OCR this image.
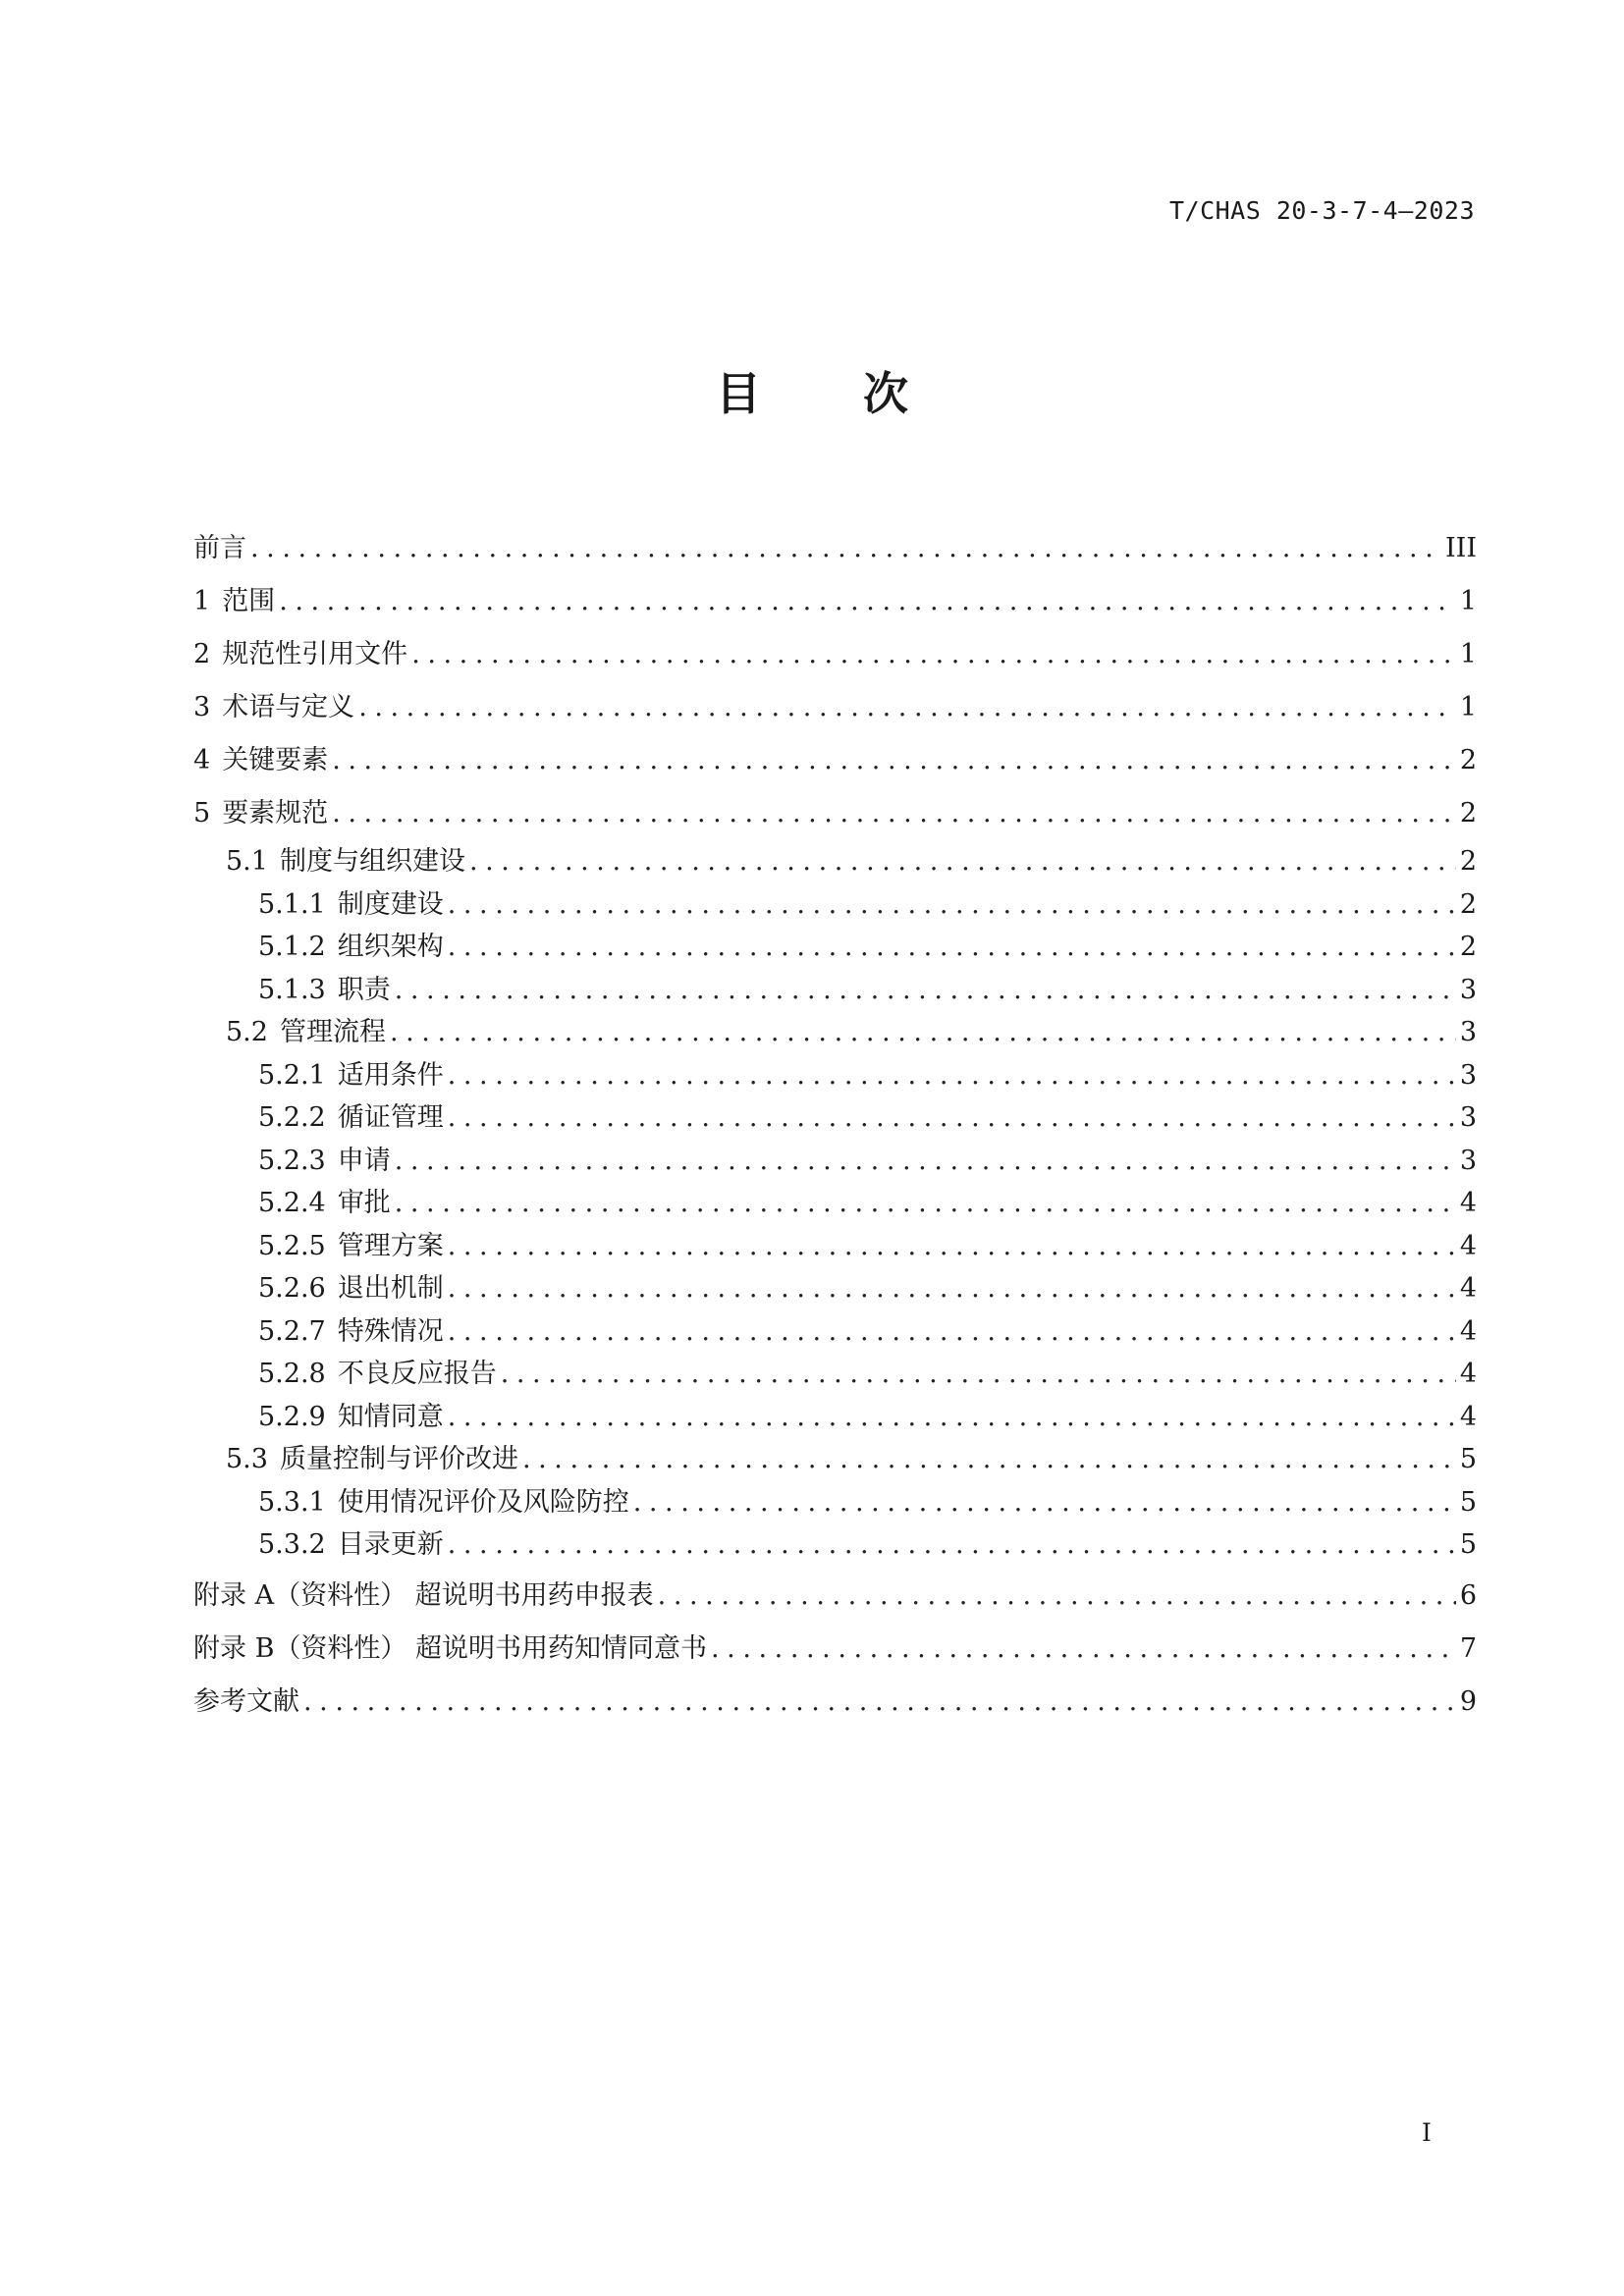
T/CHAS 20-3-7-4—2023
目 次
前言 . . .	III
1 范围 . . .	1
2 规范性引用文件 . . .	1
3 术语与定义 . . .	1
4 关键要素 . . .	2
5 要素规范 . . .	2
5.1 制度与组织建设 . . .	2
5.1.1 制度建设 . . .	2
5.1.2 组织架构 . . .	2
5.1.3 职责 . . .	3
5.2 管理流程 . . .	3
5.2.1 适用条件 . . .	3
5.2.2 循证管理 . . .	3
5.2.3 申请 . . .	3
5.2.4 审批 . . .	4
5.2.5 管理方案 . . .	4
5.2.6 退出机制 . . .	4
5.2.7 特殊情况 . . .	4
5.2.8 不良反应报告 . . .	4
5.2.9 知情同意 . . .	4
5.3 质量控制与评价改进 . . .	5
5.3.1 使用情况评价及风险防控 . . .	5
5.3.2 目录更新 . . .	5
附录 A（资料性） 超说明书用药申报表 . . .	6
附录 B（资料性） 超说明书用药知情同意书 . . .	7
参考文献 . . .	9
I
